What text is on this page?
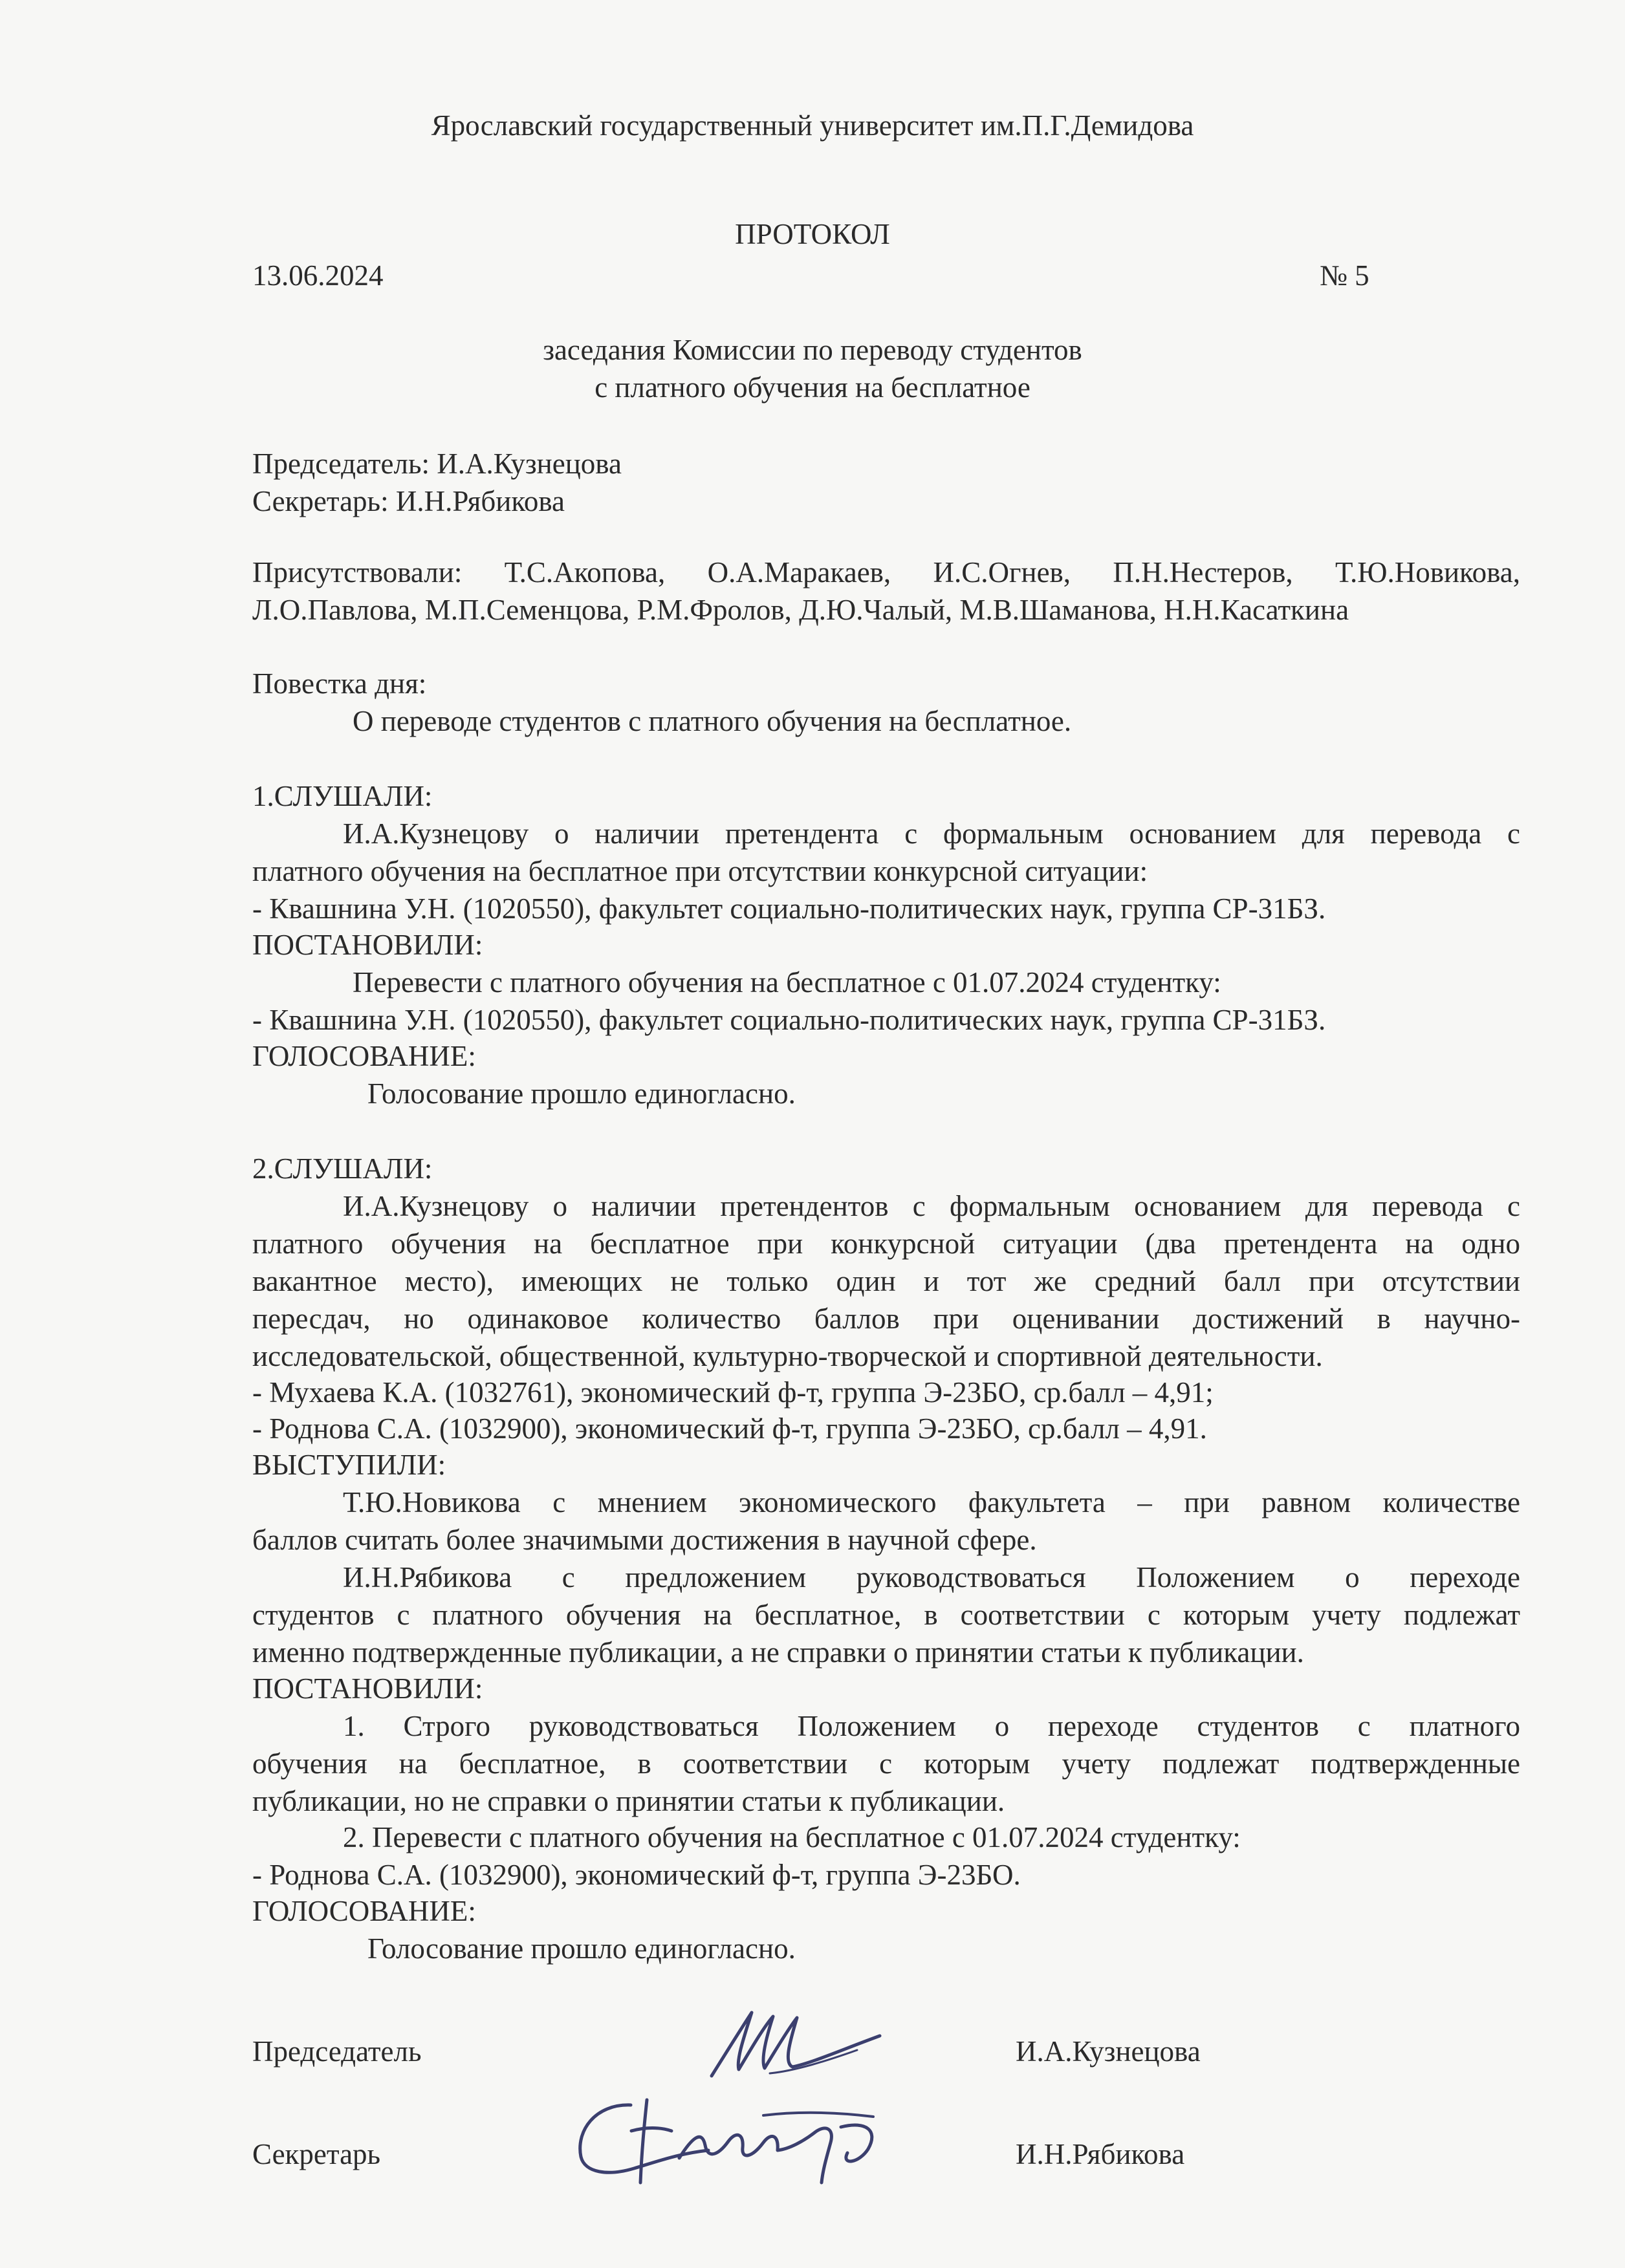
Ярославский государственный университет им.П.Г.Демидова
ПРОТОКОЛ
13.06.2024	№ 5
заседания Комиссии по переводу студентов
с платного обучения на бесплатное
Председатель: И.А.Кузнецова
Секретарь: И.Н.Рябикова
Присутствовали: Т.С.Акопова, О.А.Маракаев, И.С.Огнев, П.Н.Нестеров, Т.Ю.Новикова,
Л.О.Павлова, М.П.Семенцова, Р.М.Фролов, Д.Ю.Чалый, М.В.Шаманова, Н.Н.Касаткина
Повестка дня:
О переводе студентов с платного обучения на бесплатное.
1.СЛУШАЛИ:
И.А.Кузнецову о наличии претендента с формальным основанием для перевода с
платного обучения на бесплатное при отсутствии конкурсной ситуации:
- Квашнина У.Н. (1020550), факультет социально-политических наук, группа СР-31БЗ.
ПОСТАНОВИЛИ:
Перевести с платного обучения на бесплатное с 01.07.2024 студентку:
- Квашнина У.Н. (1020550), факультет социально-политических наук, группа СР-31БЗ.
ГОЛОСОВАНИЕ:
Голосование прошло единогласно.
2.СЛУШАЛИ:
И.А.Кузнецову о наличии претендентов с формальным основанием для перевода с
платного обучения на бесплатное при конкурсной ситуации (два претендента на одно
вакантное место), имеющих не только один и тот же средний балл при отсутствии
пересдач, но одинаковое количество баллов при оценивании достижений в научно-
исследовательской, общественной, культурно-творческой и спортивной деятельности.
- Мухаева К.А. (1032761), экономический ф-т, группа Э-23БО, ср.балл – 4,91;
- Роднова С.А. (1032900), экономический ф-т, группа Э-23БО, ср.балл – 4,91.
ВЫСТУПИЛИ:
Т.Ю.Новикова с мнением экономического факультета – при равном количестве
баллов считать более значимыми достижения в научной сфере.
И.Н.Рябикова с предложением руководствоваться Положением о переходе
студентов с платного обучения на бесплатное, в соответствии с которым учету подлежат
именно подтвержденные публикации, а не справки о принятии статьи к публикации.
ПОСТАНОВИЛИ:
1. Строго руководствоваться Положением о переходе студентов с платного
обучения на бесплатное, в соответствии с которым учету подлежат подтвержденные
публикации, но не справки о принятии статьи к публикации.
2. Перевести с платного обучения на бесплатное с 01.07.2024 студентку:
- Роднова С.А. (1032900), экономический ф-т, группа Э-23БО.
ГОЛОСОВАНИЕ:
Голосование прошло единогласно.
Председатель	И.А.Кузнецова
Секретарь	И.Н.Рябикова
